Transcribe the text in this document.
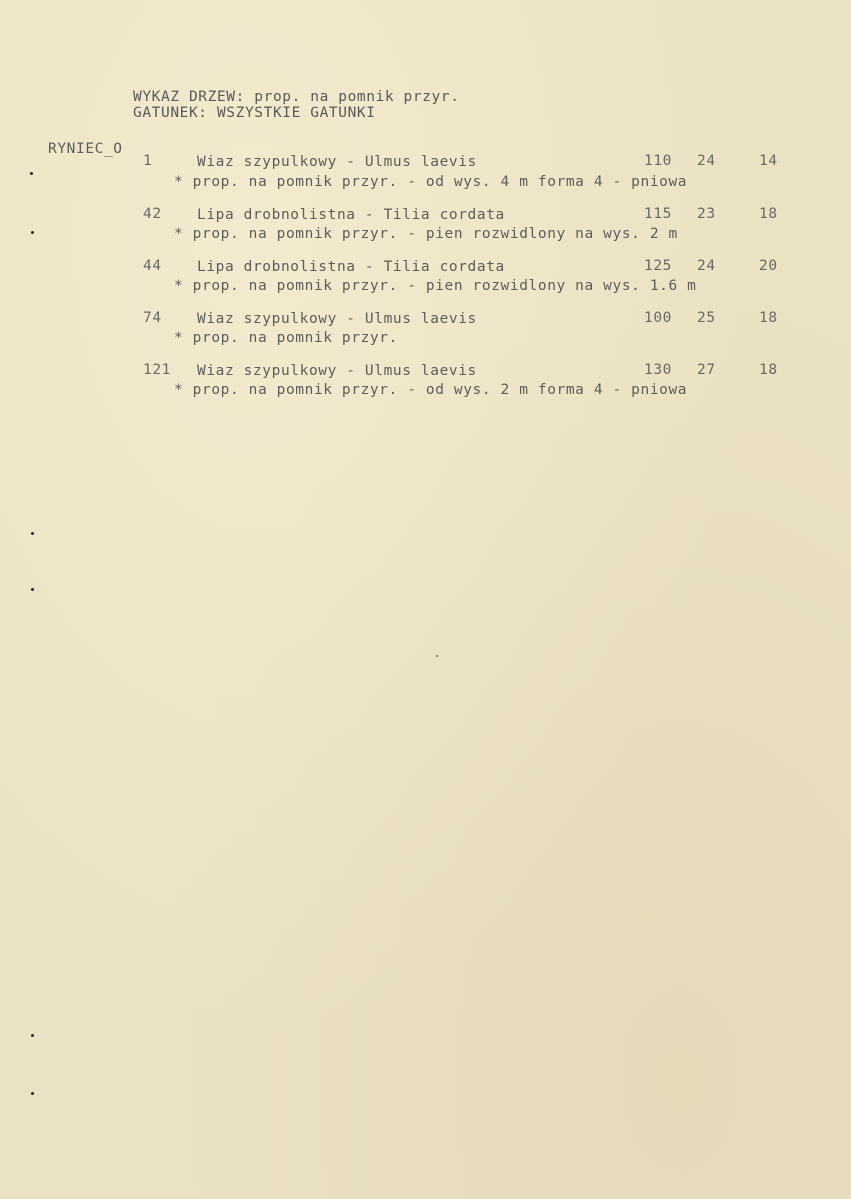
WYKAZ DRZEW: prop. na pomnik przyr.
GATUNEK: WSZYSTKIE GATUNKI
RYNIEC_O
1	Wiaz szypulkowy - Ulmus laevis	110 24	14
* prop. na pomnik przyr. - od wys. 4 m forma 4 - pniowa
42 Lipa drobnolistna - Tilia cordata	115 23	18
* prop. na pomnik przyr. - pien rozwidlony na wys. 2 m
44 Lipa drobnolistna - Tilia cordata	125 24	20
* prop. na pomnik przyr. - pien rozwidlony na wys. 1.6 m
74 Wiaz szypulkowy - Ulmus laevis	100 25	18
* prop. na pomnik przyr.
121 Wiaz szypulkowy - Ulmus laevis	130 27	18
* prop. na pomnik przyr. - od wys. 2 m forma 4 - pniowa
